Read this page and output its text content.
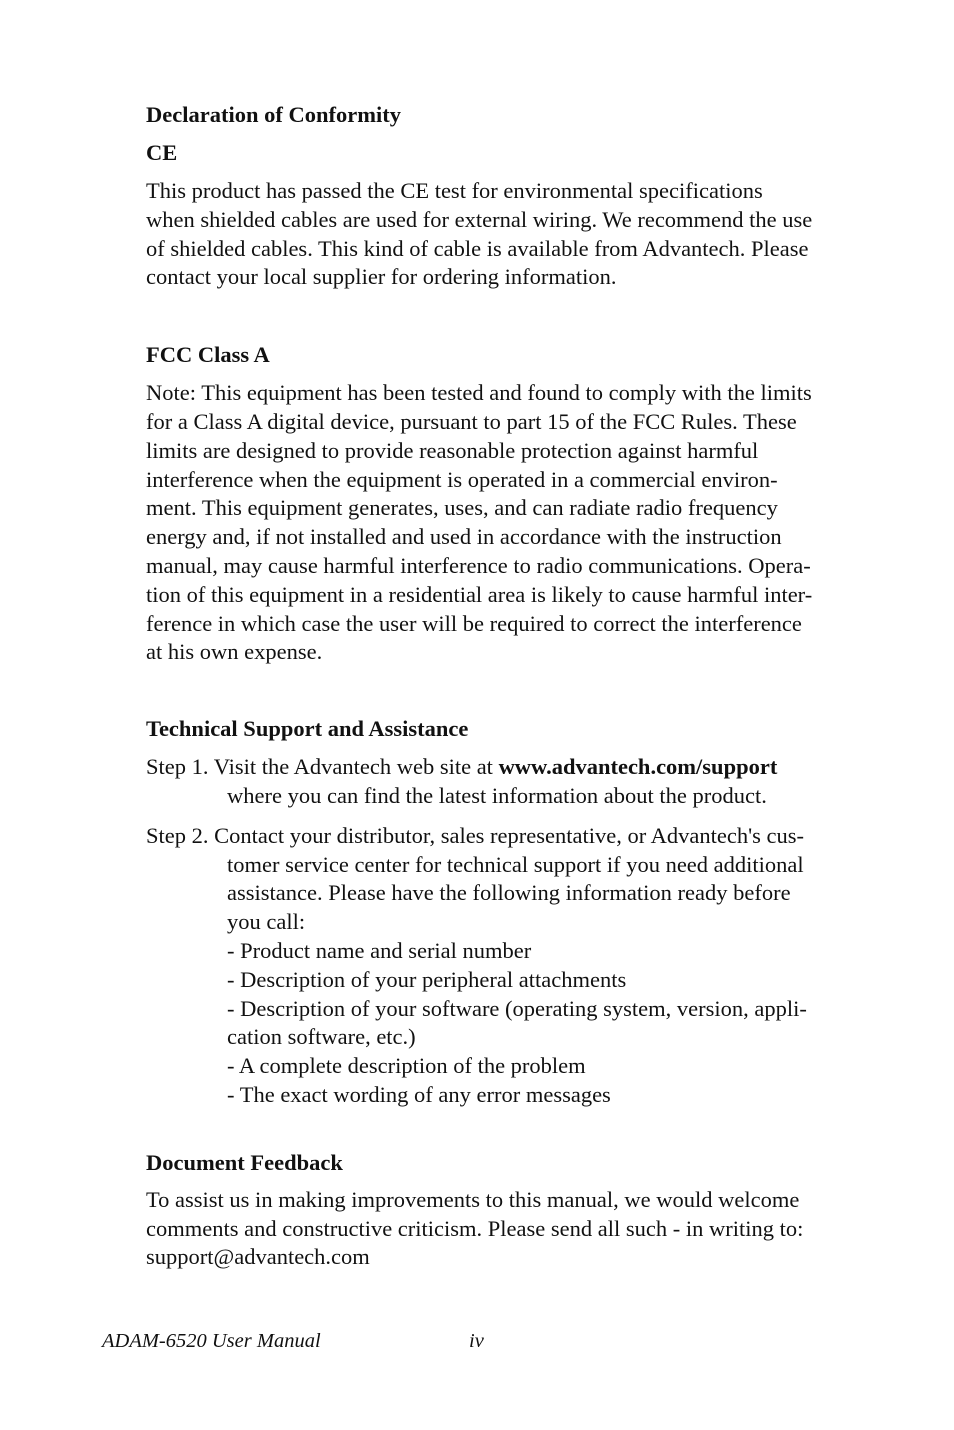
Declaration of Conformity
CE
This product has passed the CE test for environmental specifications
when shielded cables are used for external wiring. We recommend the use
of shielded cables. This kind of cable is available from Advantech. Please
contact your local supplier for ordering information.
FCC Class A
Note: This equipment has been tested and found to comply with the limits
for a Class A digital device, pursuant to part 15 of the FCC Rules. These
limits are designed to provide reasonable protection against harmful
interference when the equipment is operated in a commercial environ-
ment. This equipment generates, uses, and can radiate radio frequency
energy and, if not installed and used in accordance with the instruction
manual, may cause harmful interference to radio communications. Opera-
tion of this equipment in a residential area is likely to cause harmful inter-
ference in which case the user will be required to correct the interference
at his own expense.
Technical Support and Assistance
Step 1. Visit the Advantech web site at www.advantech.com/support
where you can find the latest information about the product.
Step 2. Contact your distributor, sales representative, or Advantech's cus-
tomer service center for technical support if you need additional
assistance. Please have the following information ready before
you call:
- Product name and serial number
- Description of your peripheral attachments
- Description of your software (operating system, version, appli-
cation software, etc.)
- A complete description of the problem
- The exact wording of any error messages
Document Feedback
To assist us in making improvements to this manual, we would welcome
comments and constructive criticism. Please send all such - in writing to:
support@advantech.com
ADAM-6520 User Manual	iv
